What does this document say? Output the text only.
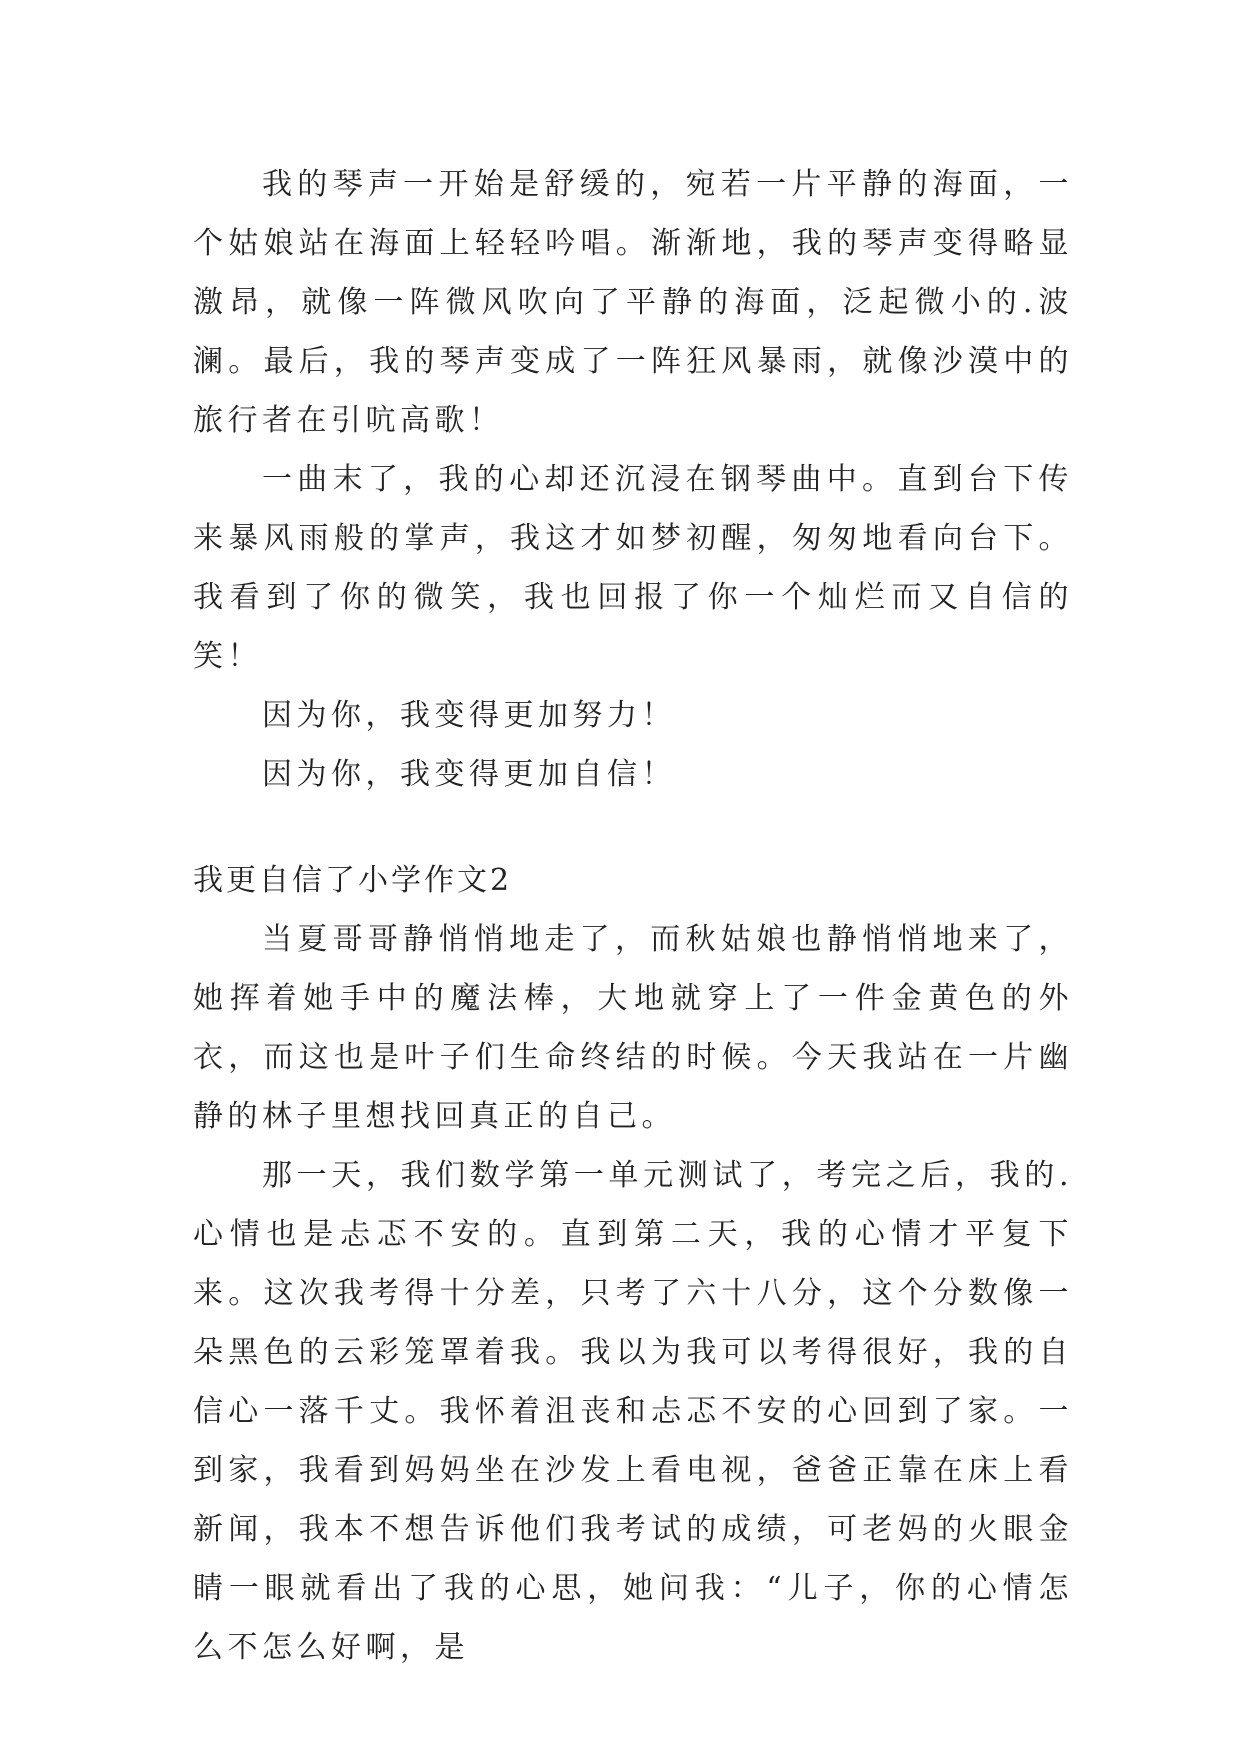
我的琴声一开始是舒缓的，宛若一片平静的海面，一个姑娘站在海面上轻轻吟唱。渐渐地，我的琴声变得略显激昂，就像一阵微风吹向了平静的海面，泛起微小的.波澜。最后，我的琴声变成了一阵狂风暴雨，就像沙漠中的旅行者在引吭高歌！

一曲末了，我的心却还沉浸在钢琴曲中。直到台下传来暴风雨般的掌声，我这才如梦初醒，匆匆地看向台下。我看到了你的微笑，我也回报了你一个灿烂而又自信的笑！

因为你，我变得更加努力！

因为你，我变得更加自信！

我更自信了小学作文2

当夏哥哥静悄悄地走了，而秋姑娘也静悄悄地来了，她挥着她手中的魔法棒，大地就穿上了一件金黄色的外衣，而这也是叶子们生命终结的时候。今天我站在一片幽静的林子里想找回真正的自己。

那一天，我们数学第一单元测试了，考完之后，我的.心情也是忐忑不安的。直到第二天，我的心情才平复下来。这次我考得十分差，只考了六十八分，这个分数像一朵黑色的云彩笼罩着我。我以为我可以考得很好，我的自信心一落千丈。我怀着沮丧和忐忑不安的心回到了家。一到家，我看到妈妈坐在沙发上看电视，爸爸正靠在床上看新闻，我本不想告诉他们我考试的成绩，可老妈的火眼金睛一眼就看出了我的心思，她问我：“儿子，你的心情怎么不怎么好啊，是
